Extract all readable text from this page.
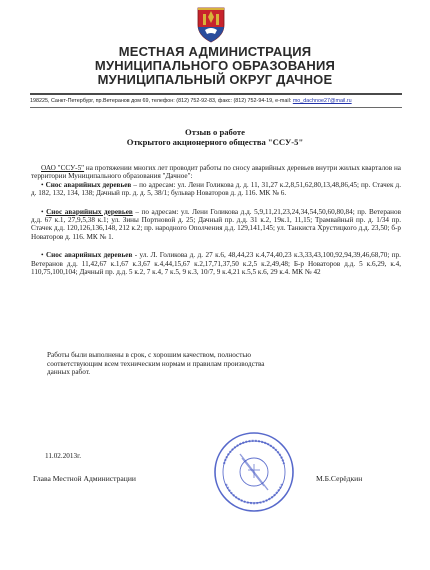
МЕСТНАЯ АДМИНИСТРАЦИЯ
МУНИЦИПАЛЬНОГО ОБРАЗОВАНИЯ
МУНИЦИПАЛЬНЫЙ ОКРУГ ДАЧНОЕ
198225, Санкт-Петербург, пр.Ветеранов дом 69, телефон: (812) 752-92-83, факс: (812) 752-94-19, e-mail: mo_dachnoe27@mail.ru
Отзыв о работе
Открытого акционерного общества "ССУ-5"

ОАО "ССУ-5" на протяжении многих лет проводит работы по сносу аварийных деревьев внутри жилых кварталов на территории Муниципального образования "Дачное":

• Снос аварийных деревьев – по адресам: ул. Лени Голикова д. д. 11, 31,27 к.2,8,51,62,80,13,48,86,45; пр. Стачек д. д. 182, 132, 134, 138; Дачный пр. д. д. 5, 38/1; бульвар Новаторов д. д. 116. МК № 6.

• Снос аварийных деревьев – по адресам: ул. Лени Голикова д.д. 5,9,11,21,23,24,34,54,50,60,80,84; пр. Ветеранов д.д. 67 к.1, 27,9,5,38 к.1; ул. Зины Портновой д. 25; Дачный пр. д.д. 31 к.2, 19к.1, 11,15; Трамвайный пр. д. 1/34 пр. Стачек д.д. 120,126,136,148, 212 к.2; пр. народного Ополчения д.д. 129,141,145; ул. Танкиста Хрустицкого д.д. 23,50; б-р Новаторов д. 116. МК № 1.

• Снос аварийных деревьев - ул. Л. Голикова д. д. 27 к.6, 48,44,23 к.4,74,40,23 к.3,33,43,100,92,94,39,46,68,70; пр. Ветеранов д.д. 11,42,67 к.1,67 к.3,67 к.4,44,15,67 к.2,17,71,37,50 к.2,5 к.2,49,48; Б-р Новаторов д.д. 5 к.6,29, к.4, 110,75,100,104; Дачный пр. д.д. 5 к.2, 7 к.4, 7 к.5, 9 к.3, 10/7, 9 к.4,21 к.5,5 к.6, 29 к.4. МК № 42

Работы были выполнены в срок, с хорошим качеством, полностью соответствующим всем техническим нормам и правилам производства данных работ.
11.02.2013г.
Глава Местной Администрации	М.Б.Серёдкин
